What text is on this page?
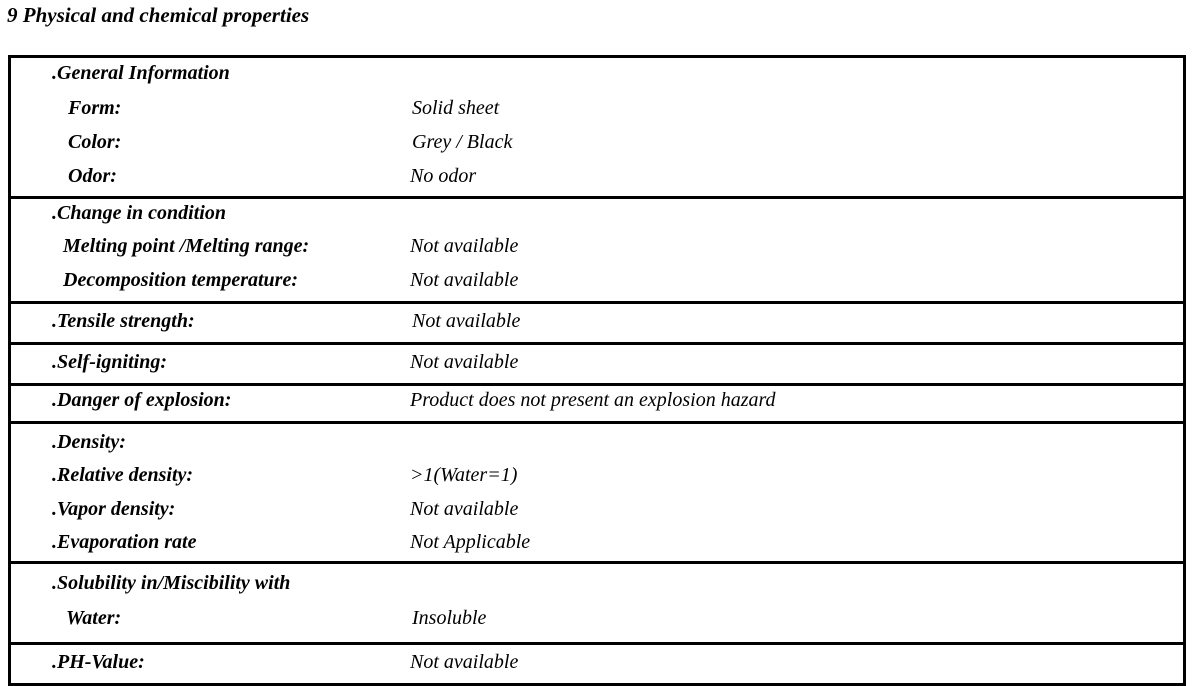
9 Physical and chemical properties
.General Information
Form:	Solid sheet
Color:	Grey / Black
Odor:	No odor
.Change in condition
Melting point /Melting range:	Not available
Decomposition temperature:	Not available
.Tensile strength:	Not available
.Self-igniting:	Not available
.Danger of explosion:	Product does not present an explosion hazard
.Density:
.Relative density:	>1(Water=1)
.Vapor density:	Not available
.Evaporation rate	Not Applicable
.Solubility in/Miscibility with
Water:	Insoluble
.PH-Value:	Not available
